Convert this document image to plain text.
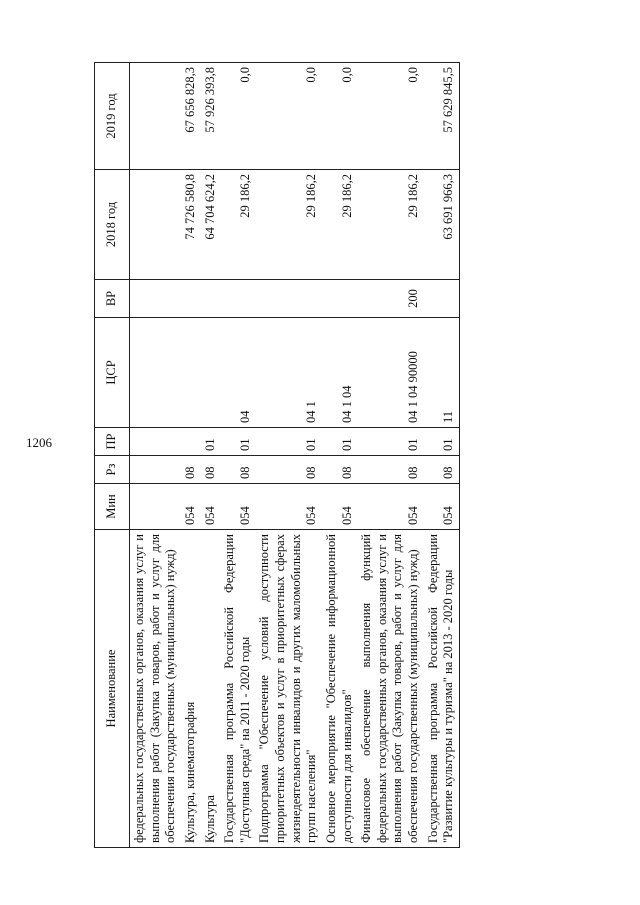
1206
Наименование	Мин	Рз	ПР	ЦСР	ВР	2018 год	2019 год
федеральных государственных органов, оказания услуг и выполнения работ (Закупка товаров, работ и услуг для обеспечения государственных (муниципальных) нужд)							
Культура, кинематография	054	08				74 726 580,8	67 656 828,3
Культура	054	08	01			64 704 624,2	57 926 393,8
Государственная программа Российской Федерации "Доступная среда" на 2011 - 2020 годы	054	08	01	04		29 186,2	0,0
Подпрограмма "Обеспечение условий доступности приоритетных объектов и услуг в приоритетных сферах жизнедеятельности инвалидов и других маломобильных групп населения"	054	08	01	04 1		29 186,2	0,0
Основное мероприятие "Обеспечение информационной доступности для инвалидов"	054	08	01	04 1 04		29 186,2	0,0
Финансовое обеспечение выполнения функций федеральных государственных органов, оказания услуг и выполнения работ (Закупка товаров, работ и услуг для обеспечения государственных (муниципальных) нужд)	054	08	01	04 1 04 90000	200	29 186,2	0,0
Государственная программа Российской Федерации "Развитие культуры и туризма" на 2013 - 2020 годы	054	08	01	11		63 691 966,3	57 629 845,5
